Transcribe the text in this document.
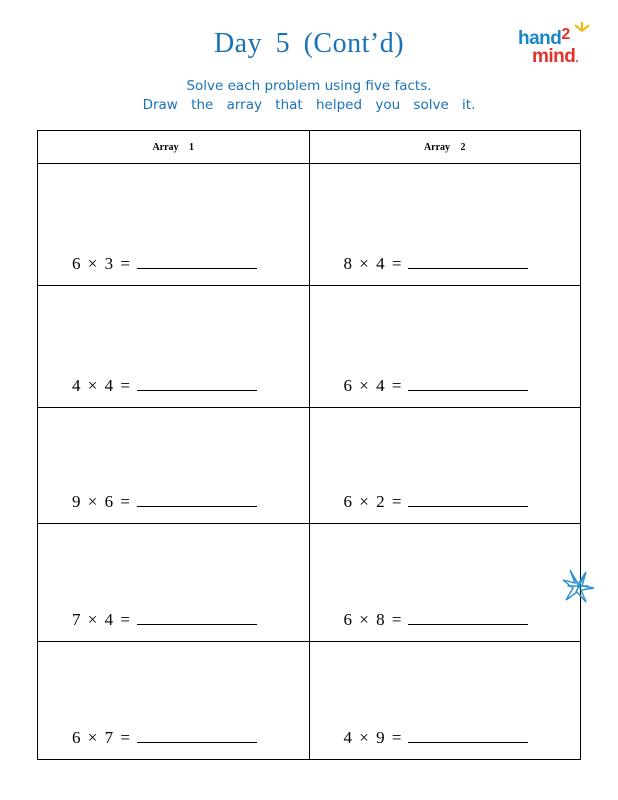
Day 5 (Cont’d)	hand$^2$
mind.
Solve each problem using five facts.
Draw the array that helped you solve it.
Array 1	Array 2

6 × 3 =	8 × 4 =

4 × 4 =	6 × 4 =

9 × 6 =	6 × 2 =

7 × 4 =	6 × 8 =

6 × 7 =	4 × 9 =
